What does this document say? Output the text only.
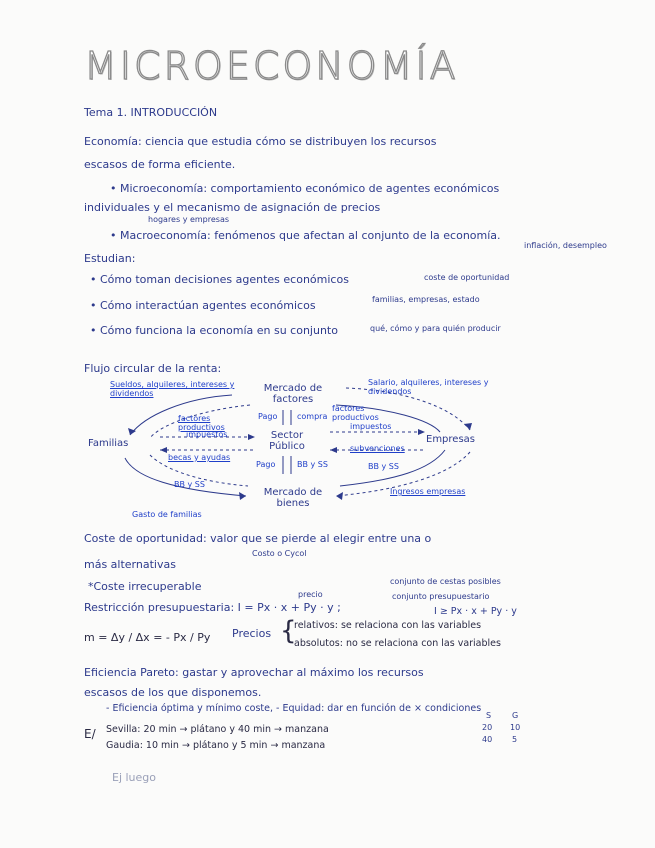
MICROECONOMÍA
Tema 1. INTRODUCCIÓN
Economía: ciencia que estudia cómo se distribuyen los recursos
escasos de forma eficiente.
• Microeconomía: comportamiento económico de agentes económicos
individuales y el mecanismo de asignación de precios
hogares y empresas
• Macroeconomía: fenómenos que afectan al conjunto de la economía.
inflación, desempleo
Estudian:
• Cómo toman decisiones agentes económicos	coste de oportunidad
• Cómo interactúan agentes económicos	familias, empresas, estado
• Cómo funciona la economía en su conjunto	qué, cómo y para quién producir
Flujo circular de la renta:
Mercado de factores
Mercado de bienes
Sector Público
Familias	Empresas
Sueldos, alquileres, intereses y dividendos
Salario, alquileres, intereses y dividendos
factores productivos
factores productivos
Pago compra
impuestos
impuestos
becas y ayudas
subvenciones
Pago	BB y SS
BB y SS
BB y SS
Gasto de familias
Ingresos empresas
Coste de oportunidad: valor que se pierde al elegir entre una o
más alternativas
Costo o Cycol
*Coste irrecuperable	conjunto de cestas posibles
conjunto presupuestario
precio
Restricción presupuestaria: I = Px · x + Py · y ;	I ≥ Px · x + Py · y
m = Δy / Δx = - Px / Py Precios {
relativos: se relaciona con las variables
absolutos: no se relaciona con las variables
Eficiencia Pareto: gastar y aprovechar al máximo los recursos
escasos de los que disponemos.
- Eficiencia óptima y mínimo coste, - Equidad: dar en función de × condiciones
E/ Sevilla: 20 min → plátano y 40 min → manzana
Gaudia: 10 min → plátano y 5 min → manzana
S	G
20 10
40 5
Ej luego
